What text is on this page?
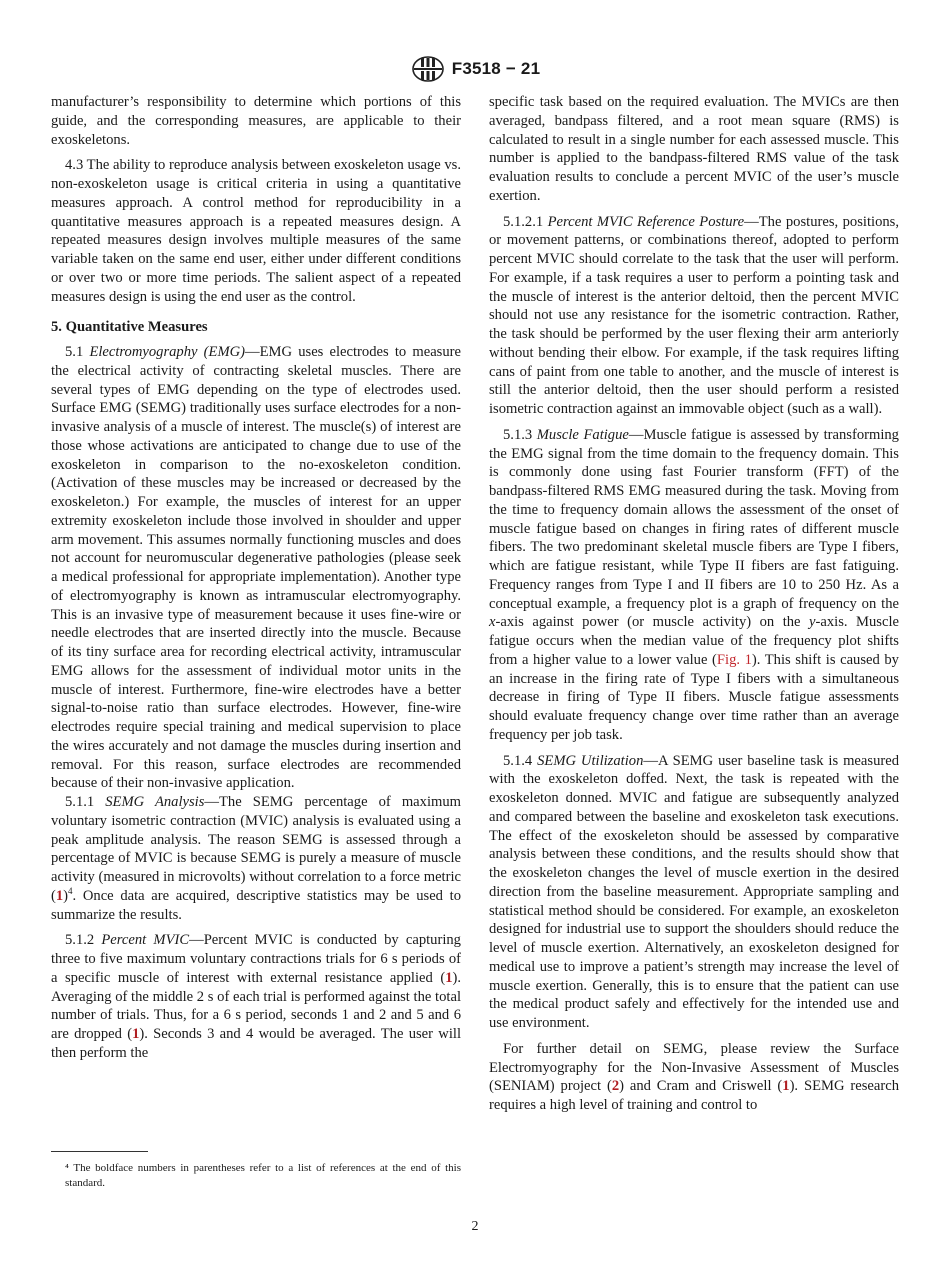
F3518 − 21

manufacturer’s responsibility to determine which portions of this guide, and the corresponding measures, are applicable to their exoskeletons.

4.3 The ability to reproduce analysis between exoskeleton usage vs. non-exoskeleton usage is critical criteria in using a quantitative measures approach. A control method for reproducibility in a quantitative measures approach is a repeated measures design. A repeated measures design involves multiple measures of the same variable taken on the same end user, either under different conditions or over two or more time periods. The salient aspect of a repeated measures design is using the end user as the control.

5. Quantitative Measures

5.1 Electromyography (EMG)—EMG uses electrodes to measure the electrical activity of contracting skeletal muscles. There are several types of EMG depending on the type of electrodes used. Surface EMG (SEMG) traditionally uses surface electrodes for a non-invasive analysis of a muscle of interest. The muscle(s) of interest are those whose activations are anticipated to change due to use of the exoskeleton in comparison to the no-exoskeleton condition. (Activation of these muscles may be increased or decreased by the exoskeleton.) For example, the muscles of interest for an upper extremity exoskeleton include those involved in shoulder and upper arm movement. This assumes normally functioning muscles and does not account for neuromuscular degenerative pathologies (please seek a medical professional for appropriate implementation). Another type of electromyography is known as intramuscular electromyography. This is an invasive type of measurement because it uses fine-wire or needle electrodes that are inserted directly into the muscle. Because of its tiny surface area for recording electrical activity, intramuscular EMG allows for the assessment of individual motor units in the muscle of interest. Furthermore, fine-wire electrodes have a better signal-to-noise ratio than surface electrodes. However, fine-wire electrodes require special training and medical supervision to place the wires accurately and not damage the muscles during insertion and removal. For this reason, surface electrodes are recommended because of their non-invasive application.

5.1.1 SEMG Analysis—The SEMG percentage of maximum voluntary isometric contraction (MVIC) analysis is evaluated using a peak amplitude analysis. The reason SEMG is assessed through a percentage of MVIC is because SEMG is purely a measure of muscle activity (measured in microvolts) without correlation to a force metric $(1)^4$. Once data are acquired, descriptive statistics may be used to summarize the results.

5.1.2 Percent MVIC—Percent MVIC is conducted by capturing three to five maximum voluntary contractions trials for 6 s periods of a specific muscle of interest with external resistance applied (1). Averaging of the middle 2 s of each trial is performed against the total number of trials. Thus, for a 6 s period, seconds 1 and 2 and 5 and 6 are dropped (1). Seconds 3 and 4 would be averaged. The user will then perform the

specific task based on the required evaluation. The MVICs are then averaged, bandpass filtered, and a root mean square (RMS) is calculated to result in a single number for each assessed muscle. This number is applied to the bandpass-filtered RMS value of the task evaluation results to conclude a percent MVIC of the user’s muscle exertion.

5.1.2.1 Percent MVIC Reference Posture—The postures, positions, or movement patterns, or combinations thereof, adopted to perform percent MVIC should correlate to the task that the user will perform. For example, if a task requires a user to perform a pointing task and the muscle of interest is the anterior deltoid, then the percent MVIC should not use any resistance for the isometric contraction. Rather, the task should be performed by the user flexing their arm anteriorly without bending their elbow. For example, if the task requires lifting cans of paint from one table to another, and the muscle of interest is still the anterior deltoid, then the user should perform a resisted isometric contraction against an immovable object (such as a wall).

5.1.3 Muscle Fatigue—Muscle fatigue is assessed by transforming the EMG signal from the time domain to the frequency domain. This is commonly done using fast Fourier transform (FFT) of the bandpass-filtered RMS EMG measured during the task. Moving from the time to frequency domain allows the assessment of the onset of muscle fatigue based on changes in firing rates of different muscle fibers. The two predominant skeletal muscle fibers are Type I fibers, which are fatigue resistant, while Type II fibers are fast fatiguing. Frequency ranges from Type I and II fibers are 10 to 250 Hz. As a conceptual example, a frequency plot is a graph of frequency on the x-axis against power (or muscle activity) on the y-axis. Muscle fatigue occurs when the median value of the frequency plot shifts from a higher value to a lower value (Fig. 1). This shift is caused by an increase in the firing rate of Type I fibers with a simultaneous decrease in firing of Type II fibers. Muscle fatigue assessments should evaluate frequency change over time rather than an average frequency per job task.

5.1.4 SEMG Utilization—A SEMG user baseline task is measured with the exoskeleton doffed. Next, the task is repeated with the exoskeleton donned. MVIC and fatigue are subsequently analyzed and compared between the baseline and exoskeleton task executions. The effect of the exoskeleton should be assessed by comparative analysis between these conditions, and the results should show that the exoskeleton changes the level of muscle exertion in the desired direction from the baseline measurement. Appropriate sampling and statistical method should be considered. For example, an exoskeleton designed for industrial use to support the shoulders should reduce the level of muscle exertion. Alternatively, an exoskeleton designed for medical use to improve a patient’s strength may increase the level of muscle exertion. Generally, this is to ensure that the patient can use the medical product safely and effectively for the intended use and use environment.

For further detail on SEMG, please review the Surface Electromyography for the Non-Invasive Assessment of Muscles (SENIAM) project (2) and Cram and Criswell (1). SEMG research requires a high level of training and control to

⁴ The boldface numbers in parentheses refer to a list of references at the end of this standard.
2
